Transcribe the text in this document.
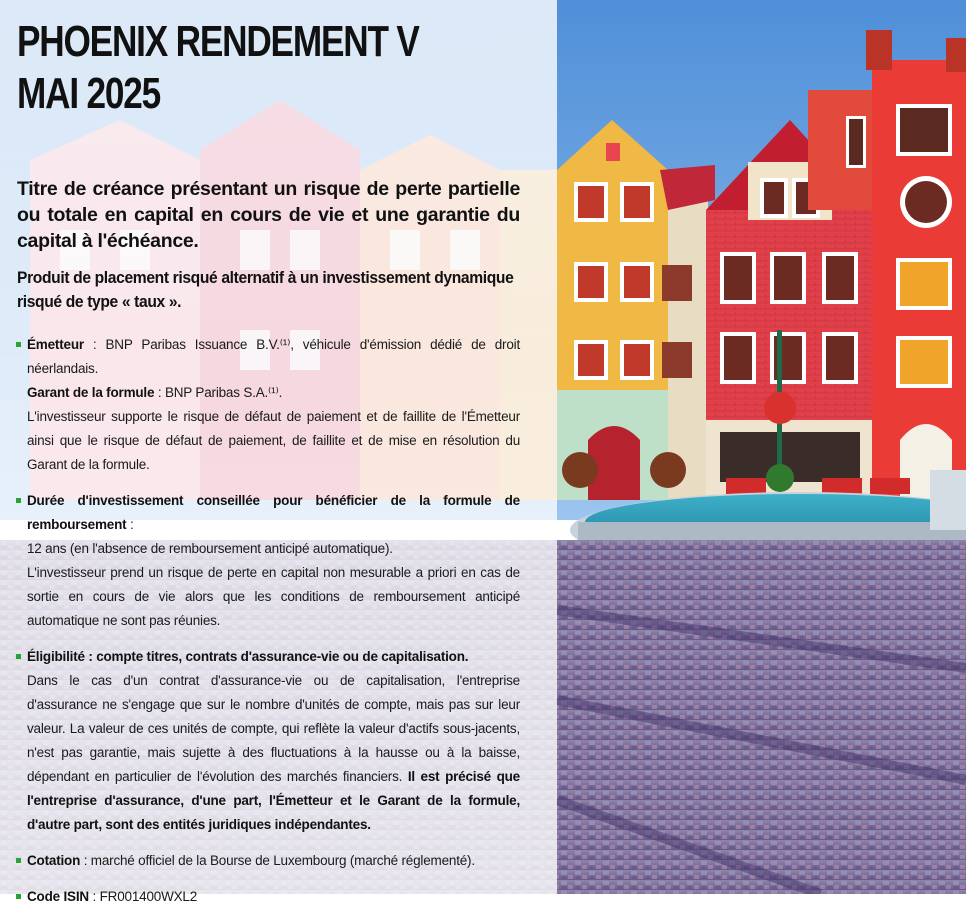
PHOENIX RENDEMENT V
MAI 2025
Titre de créance présentant un risque de perte partielle ou totale en capital en cours de vie et une garantie du capital à l'échéance.
Produit de placement risqué alternatif à un investissement dynamique
risqué de type « taux ».

Émetteur : BNP Paribas Issuance B.V.⁽¹⁾, véhicule d'émission dédié de droit néerlandais.

Garant de la formule : BNP Paribas S.A.⁽¹⁾.

L'investisseur supporte le risque de défaut de paiement et de faillite de l'Émetteur ainsi que le risque de défaut de paiement, de faillite et de mise en résolution du Garant de la formule.

Durée d'investissement conseillée pour bénéficier de la formule de remboursement :

12 ans (en l'absence de remboursement anticipé automatique).

L'investisseur prend un risque de perte en capital non mesurable a priori en cas de sortie en cours de vie alors que les conditions de remboursement anticipé automatique ne sont pas réunies.

Éligibilité : compte titres, contrats d'assurance-vie ou de capitalisation.

Dans le cas d'un contrat d'assurance-vie ou de capitalisation, l'entreprise d'assurance ne s'engage que sur le nombre d'unités de compte, mais pas sur leur valeur. La valeur de ces unités de compte, qui reflète la valeur d'actifs sous-jacents, n'est pas garantie, mais sujette à des fluctuations à la hausse ou à la baisse, dépendant en particulier de l'évolution des marchés financiers. Il est précisé que l'entreprise d'assurance, d'une part, l'Émetteur et le Garant de la formule, d'autre part, sont des entités juridiques indépendantes.

Cotation : marché officiel de la Bourse de Luxembourg (marché réglementé).

Code ISIN : FR001400WXL2
